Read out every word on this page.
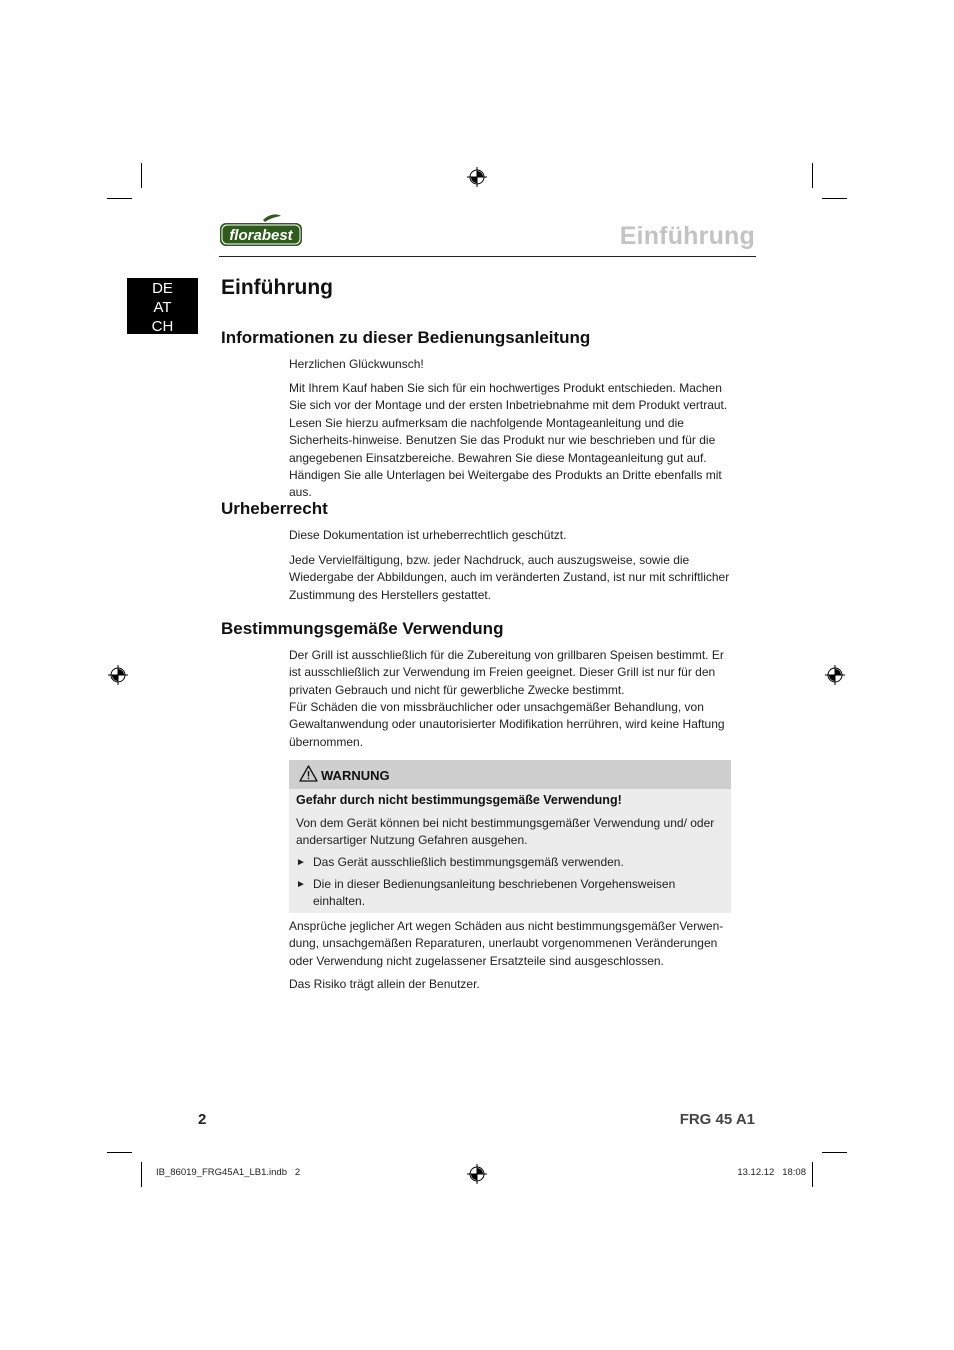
florabest	Einführung
DE
AT
CH
Einführung
Informationen zu dieser Bedienungsanleitung

Herzlichen Glückwunsch!

Mit Ihrem Kauf haben Sie sich für ein hochwertiges Produkt entschieden. Machen Sie sich vor der Montage und der ersten Inbetriebnahme mit dem Produkt vertraut. Lesen Sie hierzu aufmerksam die nachfolgende Montageanleitung und die Sicherheits-hinweise. Benutzen Sie das Produkt nur wie beschrieben und für die angegebenen Einsatzbereiche. Bewahren Sie diese Montageanleitung gut auf. Händigen Sie alle Unterlagen bei Weitergabe des Produkts an Dritte ebenfalls mit aus.

Urheberrecht

Diese Dokumentation ist urheberrechtlich geschützt.

Jede Vervielfältigung, bzw. jeder Nachdruck, auch auszugsweise, sowie die Wiedergabe der Abbildungen, auch im veränderten Zustand, ist nur mit schriftlicher Zustimmung des Herstellers gestattet.

Bestimmungsgemäße Verwendung

Der Grill ist ausschließlich für die Zubereitung von grillbaren Speisen bestimmt. Er ist ausschließlich zur Verwendung im Freien geeignet. Dieser Grill ist nur für den privaten Gebrauch und nicht für gewerbliche Zwecke bestimmt.

Für Schäden die von missbräuchlicher oder unsachgemäßer Behandlung, von Gewaltanwendung oder unautorisierter Modifikation herrühren, wird keine Haftung übernommen.

WARNUNG
Gefahr durch nicht bestimmungsgemäße Verwendung!

Von dem Gerät können bei nicht bestimmungsgemäßer Verwendung und/ oder andersartiger Nutzung Gefahren ausgehen.

► Das Gerät ausschließlich bestimmungsgemäß verwenden.
► Die in dieser Bedienungsanleitung beschriebenen Vorgehensweisen einhalten.

Ansprüche jeglicher Art wegen Schäden aus nicht bestimmungsgemäßer Verwen-dung, unsachgemäßen Reparaturen, unerlaubt vorgenommenen Veränderungen oder Verwendung nicht zugelassener Ersatzteile sind ausgeschlossen.

Das Risiko trägt allein der Benutzer.

2	FRG 45 A1
IB_86019_FRG45A1_LB1.indb   2	13.12.12   18:08
